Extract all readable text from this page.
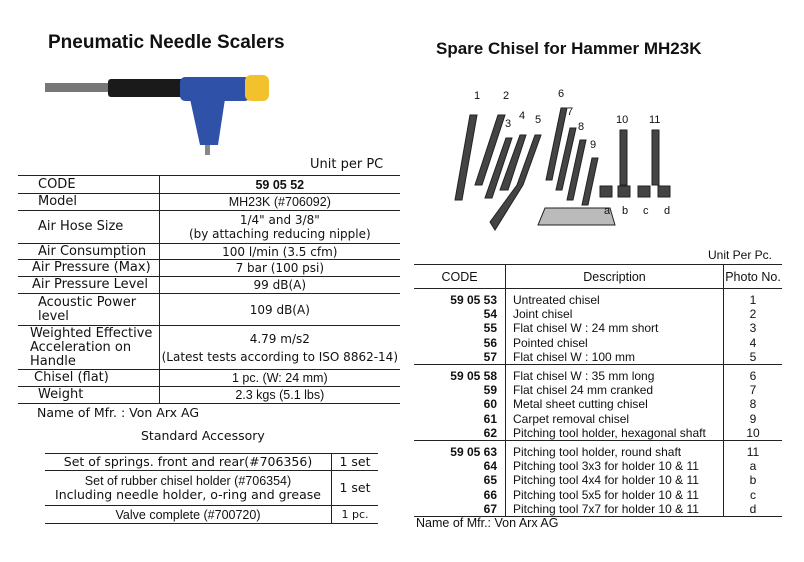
Pneumatic Needle Scalers
Unit per PC
CODE	59 05 52
Model	MH23K (#706092)
Air Hose Size	1/4" and 3/8"
(by attaching reducing nipple)

Air Consumption	100 l/min (3.5 cfm)
Air Pressure (Max)	7 bar (100 psi)
Air Pressure Level	99 dB(A)
Acoustic Power level	109 dB(A)
Weighted Effective Acceleration on Handle	4.79 m/s2
(Latest tests according to ISO 8862-14)

Chisel (flat)	1 pc. (W: 24 mm)
Weight	2.3 kgs (5.1 lbs)
Name of Mfr. : Von Arx AG
Standard Accessory
Set of springs. front and rear(#706356)	1 set

Set of rubber chisel holder (#706354)
Including needle holder, o-ring and grease	1 set
Valve complete (#700720)	1 pc.
Spare Chisel for Hammer MH23K
1 2
3
4 5
6
7
8
9
10 11
a b c d
Unit Per Pc.
CODE	Description	Photo No.
59 05 53	Untreated chisel	1
54	Joint chisel	2
55	Flat chisel W : 24 mm short	3
56	Pointed chisel	4
57	Flat chisel W : 100 mm	5
59 05 58	Flat chisel W : 35 mm long	6
59	Flat chisel 24 mm cranked	7
60	Metal sheet cutting chisel	8
61	Carpet removal chisel	9
62	Pitching tool holder, hexagonal shaft	10
59 05 63	Pitching tool holder, round shaft	11
64	Pitching tool 3x3 for holder 10 & 11	a
65	Pitching tool 4x4 for holder 10 & 11	b
66	Pitching tool 5x5 for holder 10 & 11	c
67	Pitching tool 7x7 for holder 10 & 11	d
Name of Mfr.: Von Arx AG
